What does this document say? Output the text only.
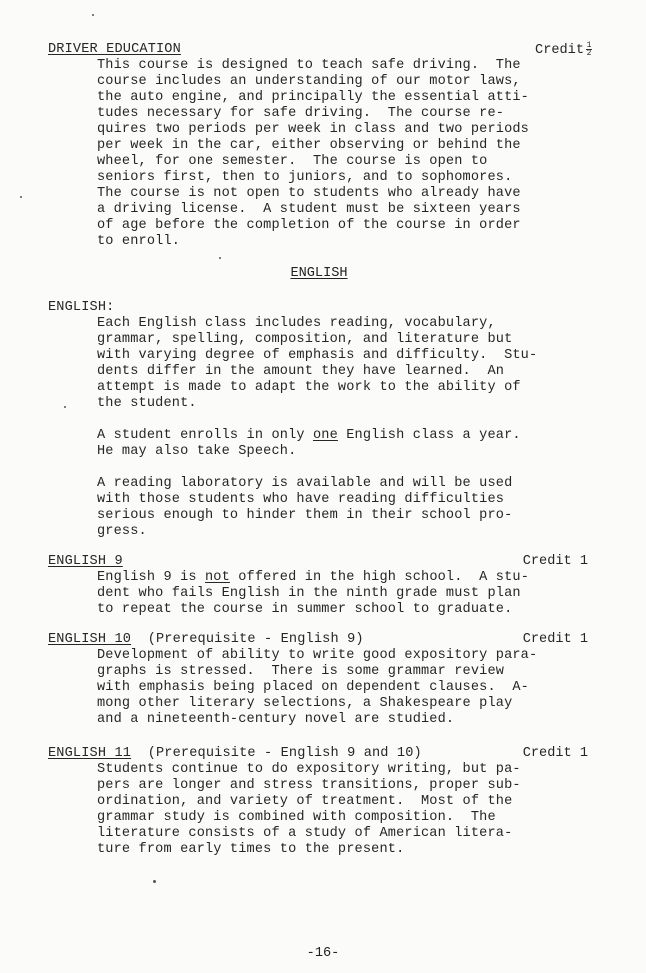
DRIVER EDUCATION	Credit $\frac{1}{2}$
This course is designed to teach safe driving.  The
course includes an understanding of our motor laws,
the auto engine, and principally the essential atti-
tudes necessary for safe driving.  The course re-
quires two periods per week in class and two periods
per week in the car, either observing or behind the
wheel, for one semester.  The course is open to
seniors first, then to juniors, and to sophomores.
The course is not open to students who already have
a driving license.  A student must be sixteen years
of age before the completion of the course in order
to enroll.
ENGLISH
ENGLISH:
Each English class includes reading, vocabulary,
grammar, spelling, composition, and literature but
with varying degree of emphasis and difficulty.  Stu-
dents differ in the amount they have learned.  An
attempt is made to adapt the work to the ability of
the student.
A student enrolls in only one English class a year.
He may also take Speech.
A reading laboratory is available and will be used
with those students who have reading difficulties
serious enough to hinder them in their school pro-
gress.
ENGLISH 9	Credit 1
English 9 is not offered in the high school.  A stu-
dent who fails English in the ninth grade must plan
to repeat the course in summer school to graduate.
ENGLISH 10  (Prerequisite - English 9)	Credit 1
Development of ability to write good expository para-
graphs is stressed.  There is some grammar review
with emphasis being placed on dependent clauses.  A-
mong other literary selections, a Shakespeare play
and a nineteenth-century novel are studied.
ENGLISH 11  (Prerequisite - English 9 and 10)	Credit 1
Students continue to do expository writing, but pa-
pers are longer and stress transitions, proper sub-
ordination, and variety of treatment.  Most of the
grammar study is combined with composition.  The
literature consists of a study of American litera-
ture from early times to the present.
-16-
